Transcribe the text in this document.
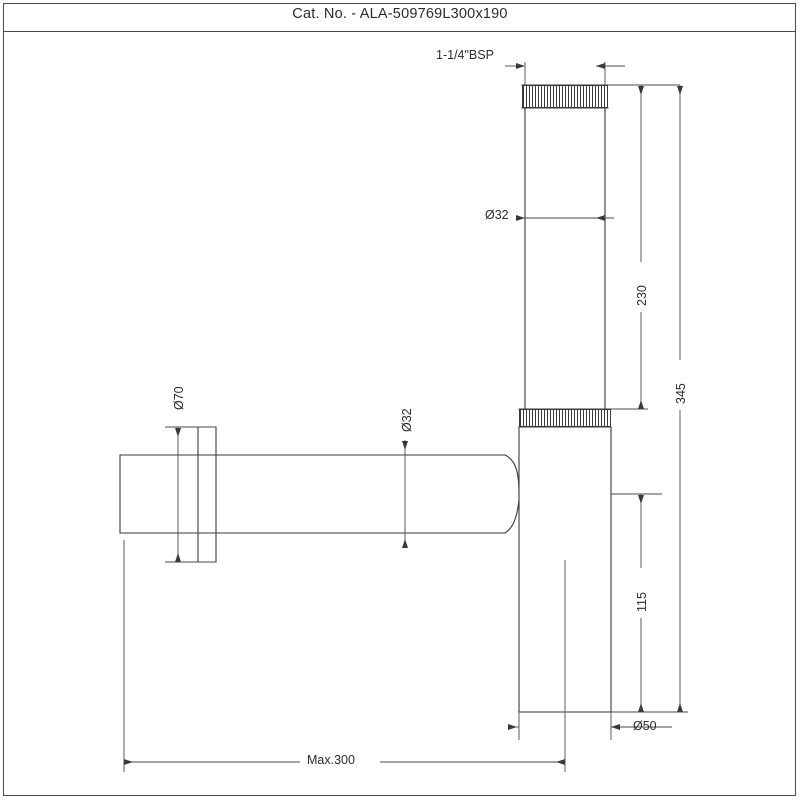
Cat. No. - ALA-509769L300x190
1-1/4"BSP
Ø32
345
230
115
Ø70
Ø32
Ø50
Max.300
